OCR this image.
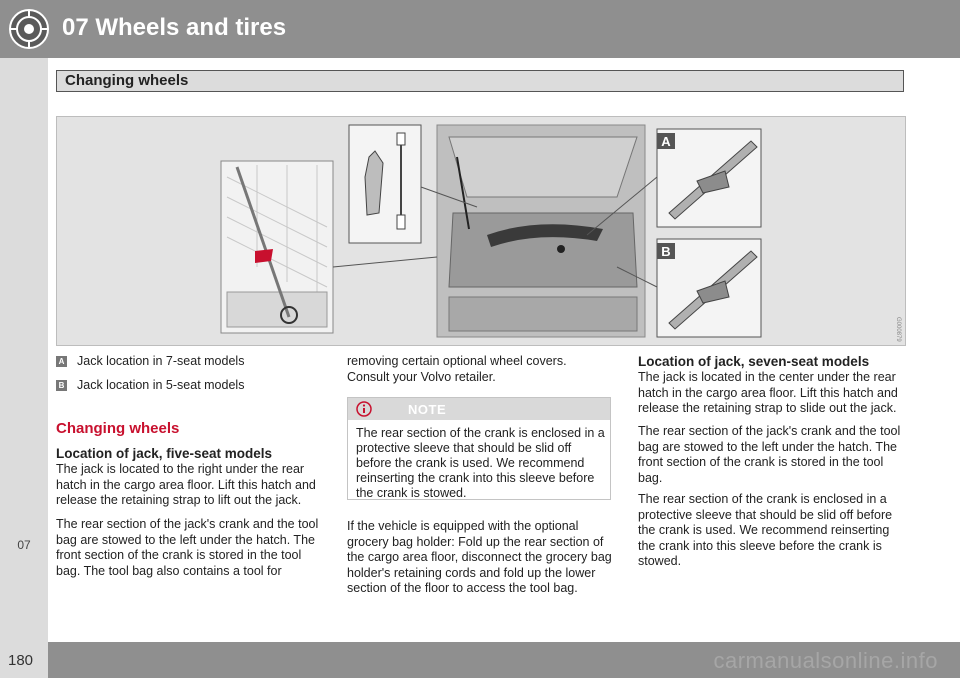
07 Wheels and tires
Changing wheels
07
A
B
G000879
A Jack location in 7-seat models
B Jack location in 5-seat models
Changing wheels
Location of jack, five-seat models
The jack is located to the right under the rear hatch in the cargo area floor. Lift this hatch and release the retaining strap to lift out the jack.
The rear section of the jack's crank and the tool bag are stowed to the left under the hatch. The front section of the crank is stored in the tool bag. The tool bag also contains a tool for
removing certain optional wheel covers. Consult your Volvo retailer.
NOTE
The rear section of the crank is enclosed in a protective sleeve that should be slid off before the crank is used. We recommend reinserting the crank into this sleeve before the crank is stowed.
If the vehicle is equipped with the optional grocery bag holder: Fold up the rear section of the cargo area floor, disconnect the grocery bag holder's retaining cords and fold up the lower section of the floor to access the tool bag.
Location of jack, seven-seat models
The jack is located in the center under the rear hatch in the cargo area floor. Lift this hatch and release the retaining strap to slide out the jack.
The rear section of the jack's crank and the tool bag are stowed to the left under the hatch. The front section of the crank is stored in the tool bag.
The rear section of the crank is enclosed in a protective sleeve that should be slid off before the crank is used. We recommend reinserting the crank into this sleeve before the crank is stowed.
180	carmanualsonline.info
